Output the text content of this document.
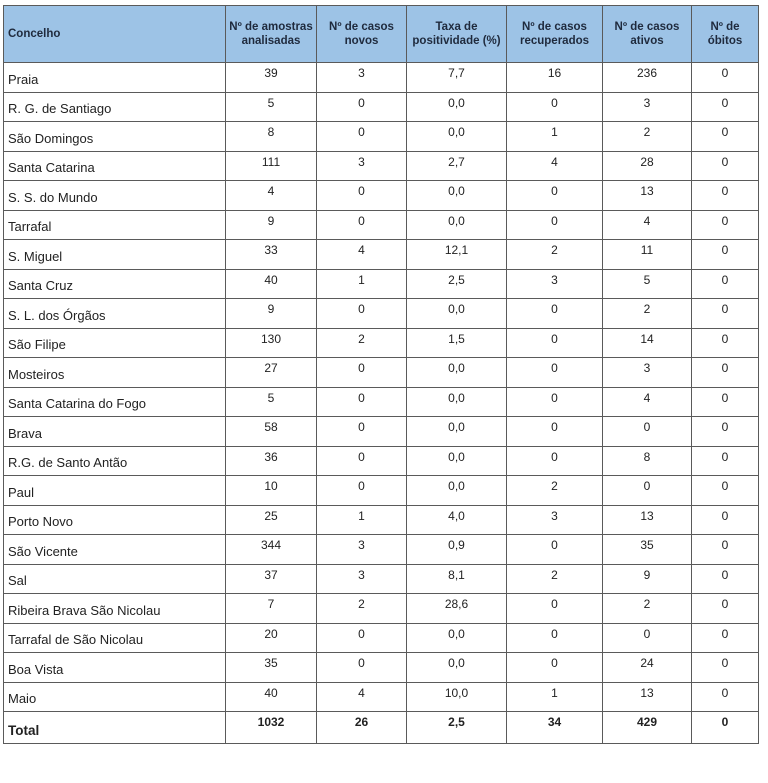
Concelho	Nº de amostras analisadas	Nº de casos novos	Taxa de positividade (%)	Nº de casos recuperados	Nº de casos ativos	Nº de óbitos
Praia	39	3	7,7	16	236	0
R. G. de Santiago	5	0	0,0	0	3	0
São Domingos	8	0	0,0	1	2	0
Santa Catarina	111	3	2,7	4	28	0
S. S. do Mundo	4	0	0,0	0	13	0
Tarrafal	9	0	0,0	0	4	0
S. Miguel	33	4	12,1	2	11	0
Santa Cruz	40	1	2,5	3	5	0
S. L. dos Órgãos	9	0	0,0	0	2	0
São Filipe	130	2	1,5	0	14	0
Mosteiros	27	0	0,0	0	3	0
Santa Catarina do Fogo	5	0	0,0	0	4	0
Brava	58	0	0,0	0	0	0
R.G. de Santo Antão	36	0	0,0	0	8	0
Paul	10	0	0,0	2	0	0
Porto Novo	25	1	4,0	3	13	0
São Vicente	344	3	0,9	0	35	0
Sal	37	3	8,1	2	9	0
Ribeira Brava São Nicolau	7	2	28,6	0	2	0
Tarrafal de São Nicolau	20	0	0,0	0	0	0
Boa Vista	35	0	0,0	0	24	0
Maio	40	4	10,0	1	13	0
Total	1032	26	2,5	34	429	0
